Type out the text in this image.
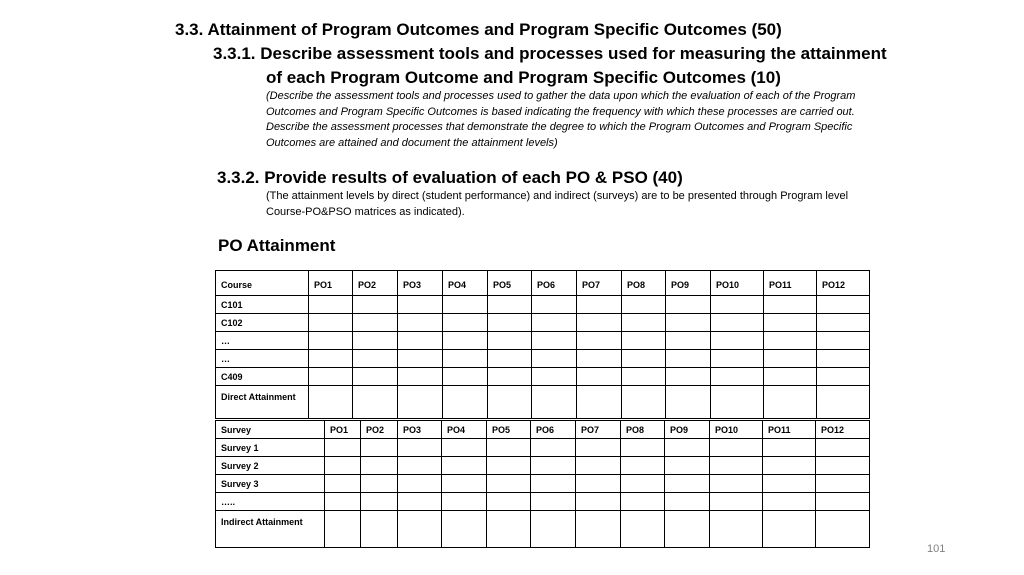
3.3. Attainment of Program Outcomes and Program Specific Outcomes (50)
3.3.1. Describe assessment tools and processes used for measuring the attainment
of each Program Outcome and Program Specific Outcomes (10)
(Describe the assessment tools and processes used to gather the data upon which the evaluation of each of the Program Outcomes and Program Specific Outcomes is based indicating the frequency with which these processes are carried out. Describe the assessment processes that demonstrate the degree to which the Program Outcomes and Program Specific Outcomes are attained and document the attainment levels)
3.3.2. Provide results of evaluation of each PO & PSO (40)
(The attainment levels by direct (student performance) and indirect (surveys) are to be presented through Program level Course-PO&PSO matrices as indicated).
PO Attainment
Course	PO1	PO2	PO3	PO4	PO5	PO6	PO7	PO8	PO9	PO10	PO11	PO12
C101												
C102												
…												
…												
C409												
Direct Attainment												
Survey	PO1	PO2	PO3	PO4	PO5	PO6	PO7	PO8	PO9	PO10	PO11	PO12
Survey 1												
Survey 2												
Survey 3												
…..												
Indirect Attainment												
101
